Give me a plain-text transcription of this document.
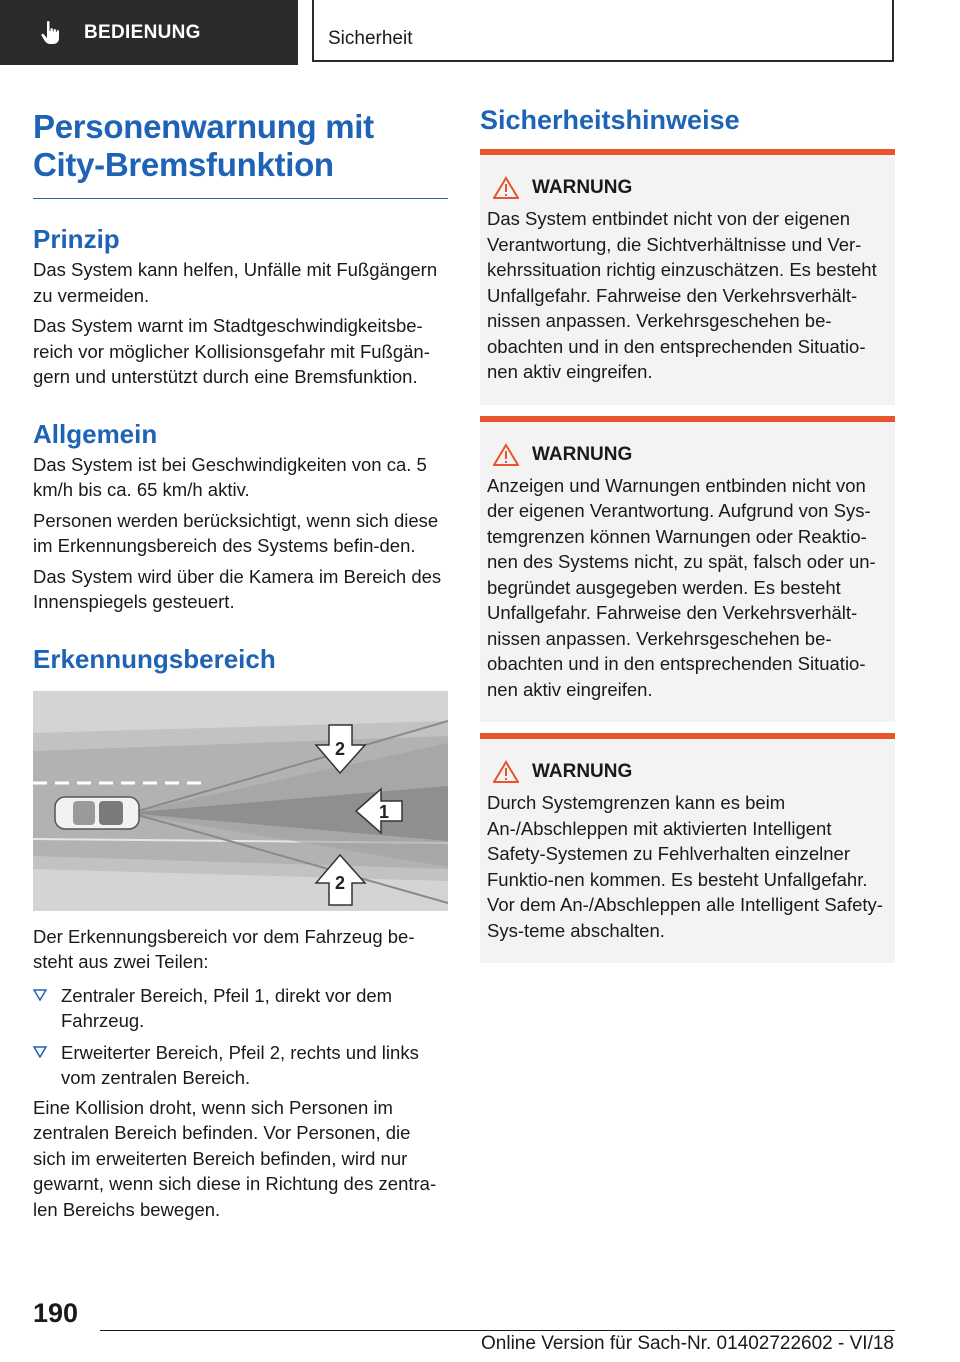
BEDIENUNG	Sicherheit
Personenwarnung mit City-Bremsfunktion
Prinzip

Das System kann helfen, Unfälle mit Fußgängern zu vermeiden.

Das System warnt im Stadtgeschwindigkeitsbe-reich vor möglicher Kollisionsgefahr mit Fußgän-gern und unterstützt durch eine Bremsfunktion.

Allgemein

Das System ist bei Geschwindigkeiten von ca. 5 km/h bis ca. 65 km/h aktiv.

Personen werden berücksichtigt, wenn sich diese im Erkennungsbereich des Systems befin-den.

Das System wird über die Kamera im Bereich des Innenspiegels gesteuert.

Erkennungsbereich
1
2
2

Der Erkennungsbereich vor dem Fahrzeug be-steht aus zwei Teilen:

Zentraler Bereich, Pfeil 1, direkt vor dem Fahrzeug.

Erweiterter Bereich, Pfeil 2, rechts und links vom zentralen Bereich.

Eine Kollision droht, wenn sich Personen im zentralen Bereich befinden. Vor Personen, die sich im erweiterten Bereich befinden, wird nur gewarnt, wenn sich diese in Richtung des zentra-len Bereichs bewegen.

Sicherheitshinweise
WARNUNG

Das System entbindet nicht von der eigenen Verantwortung, die Sichtverhältnisse und Ver-kehrssituation richtig einzuschätzen. Es besteht Unfallgefahr. Fahrweise den Verkehrsverhält-nissen anpassen. Verkehrsgeschehen be-obachten und in den entsprechenden Situatio-nen aktiv eingreifen.

WARNUNG

Anzeigen und Warnungen entbinden nicht von der eigenen Verantwortung. Aufgrund von Sys-temgrenzen können Warnungen oder Reaktio-nen des Systems nicht, zu spät, falsch oder un-begründet ausgegeben werden. Es besteht Unfallgefahr. Fahrweise den Verkehrsverhält-nissen anpassen. Verkehrsgeschehen be-obachten und in den entsprechenden Situatio-nen aktiv eingreifen.

WARNUNG

Durch Systemgrenzen kann es beim An-/Abschleppen mit aktivierten Intelligent Safety-Systemen zu Fehlverhalten einzelner Funktio-nen kommen. Es besteht Unfallgefahr. Vor dem An-/Abschleppen alle Intelligent Safety-Sys-teme abschalten.

190
Online Version für Sach-Nr. 01402722602 - VI/18
